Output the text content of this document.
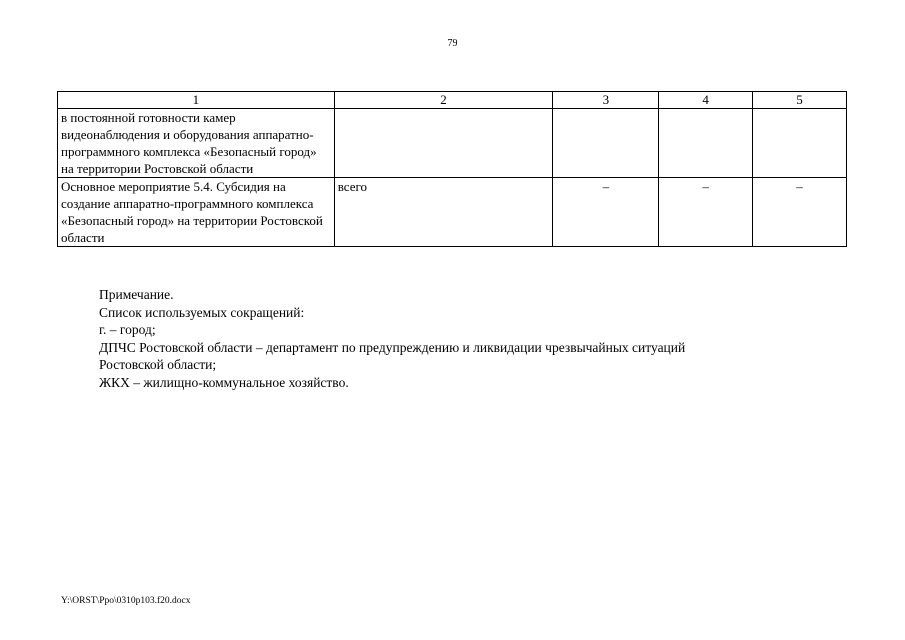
79
1	2	3	4	5
в постоянной готовности камер видеонаблюдения и оборудования аппаратно-программного комплекса «Безопасный город» на территории Ростовской области				
Основное мероприятие 5.4. Субсидия на создание аппаратно-программного комплекса «Безопасный город» на территории Ростовской области	всего	–	–	–
Примечание.
Список используемых сокращений:
г. – город;
ДПЧС Ростовской области – департамент по предупреждению и ликвидации чрезвычайных ситуаций
Ростовской области;
ЖКХ – жилищно-коммунальное хозяйство.
Y:\ORST\Ppo\0310p103.f20.docx
